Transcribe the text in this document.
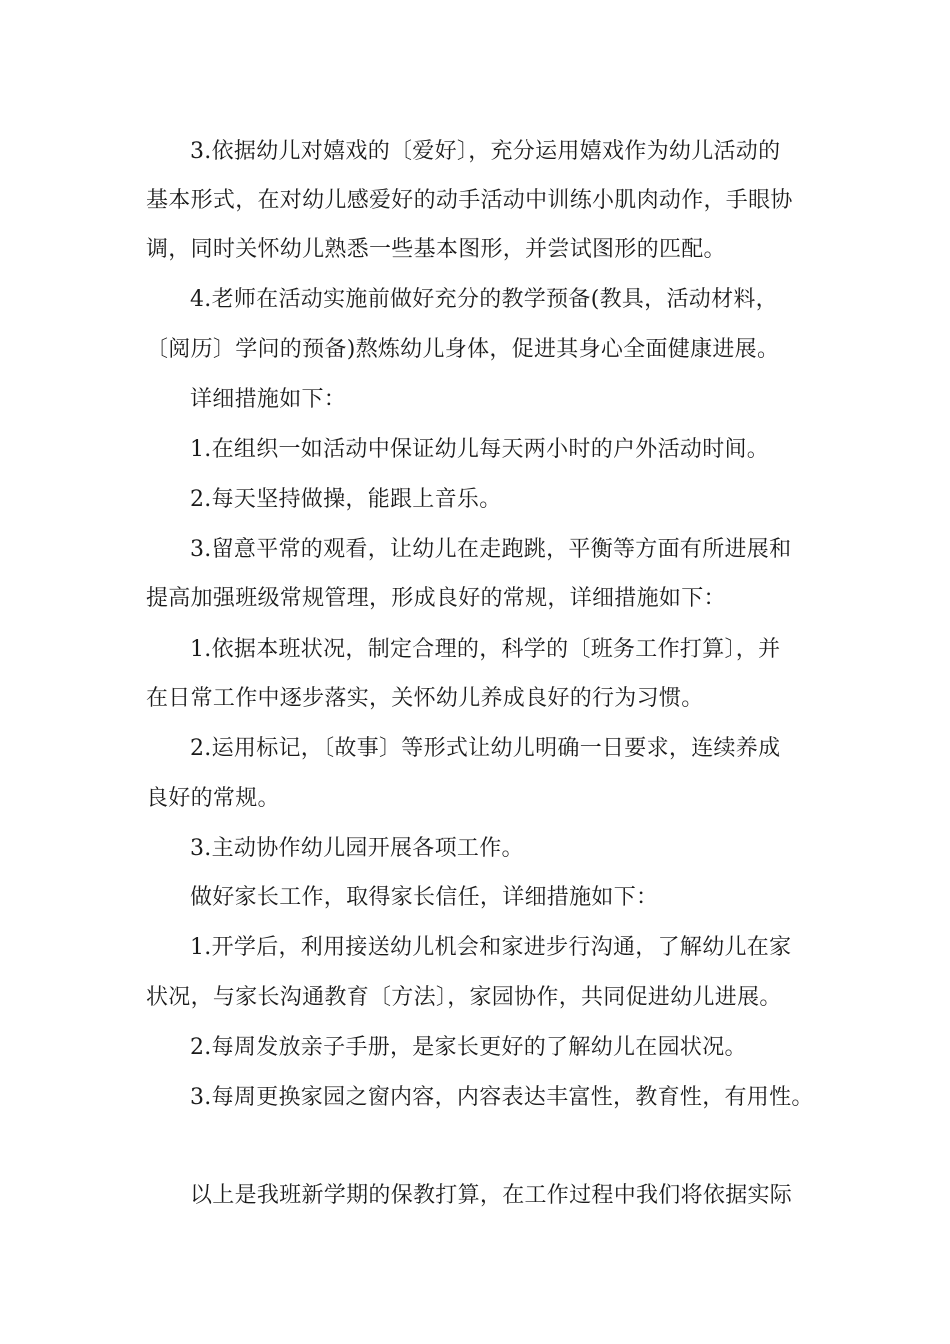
3.依据幼儿对嬉戏的〔爱好〕，充分运用嬉戏作为幼儿活动的
基本形式，在对幼儿感爱好的动手活动中训练小肌肉动作，手眼协
调，同时关怀幼儿熟悉一些基本图形，并尝试图形的匹配。
4.老师在活动实施前做好充分的教学预备(教具，活动材料，
〔阅历〕学问的预备)熬炼幼儿身体，促进其身心全面健康进展。
详细措施如下：
1.在组织一如活动中保证幼儿每天两小时的户外活动时间。
2.每天坚持做操，能跟上音乐。
3.留意平常的观看，让幼儿在走跑跳，平衡等方面有所进展和
提高加强班级常规管理，形成良好的常规，详细措施如下：
1.依据本班状况，制定合理的，科学的〔班务工作打算〕，并
在日常工作中逐步落实，关怀幼儿养成良好的行为习惯。
2.运用标记，〔故事〕等形式让幼儿明确一日要求，连续养成
良好的常规。
3.主动协作幼儿园开展各项工作。
做好家长工作，取得家长信任，详细措施如下：
1.开学后，利用接送幼儿机会和家进步行沟通，了解幼儿在家
状况，与家长沟通教育〔方法〕，家园协作，共同促进幼儿进展。
2.每周发放亲子手册，是家长更好的了解幼儿在园状况。
3.每周更换家园之窗内容，内容表达丰富性，教育性，有用性。
以上是我班新学期的保教打算，在工作过程中我们将依据实际
